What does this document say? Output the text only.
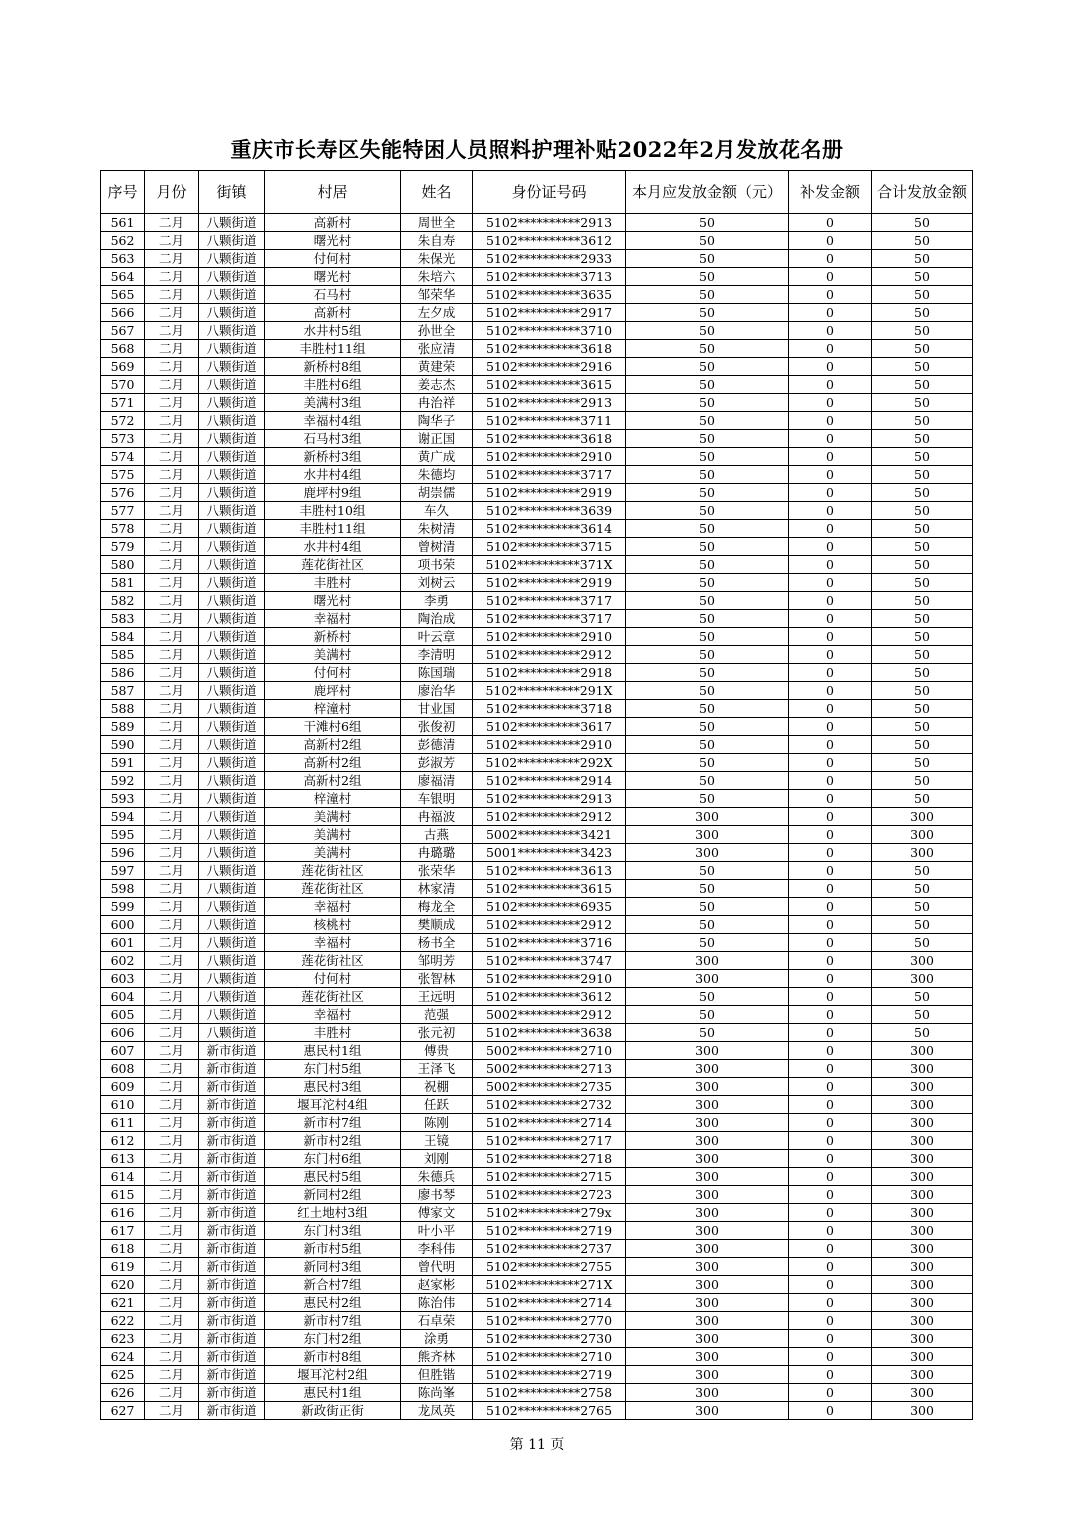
重庆市长寿区失能特困人员照料护理补贴2022年2月发放花名册
序号	月份	街镇	村居	姓名	身份证号码	本月应发放金额（元）	补发金额	合计发放金额
561	二月	八颗街道	高新村	周世全	5102**********2913	50	0	50
562	二月	八颗街道	曙光村	朱自寿	5102**********3612	50	0	50
563	二月	八颗街道	付何村	朱保光	5102**********2933	50	0	50
564	二月	八颗街道	曙光村	朱培六	5102**********3713	50	0	50
565	二月	八颗街道	石马村	邹荣华	5102**********3635	50	0	50
566	二月	八颗街道	高新村	左夕成	5102**********2917	50	0	50
567	二月	八颗街道	水井村5组	孙世全	5102**********3710	50	0	50
568	二月	八颗街道	丰胜村11组	张应清	5102**********3618	50	0	50
569	二月	八颗街道	新桥村8组	黄建荣	5102**********2916	50	0	50
570	二月	八颗街道	丰胜村6组	姜志杰	5102**********3615	50	0	50
571	二月	八颗街道	美满村3组	冉治祥	5102**********2913	50	0	50
572	二月	八颗街道	幸福村4组	陶华子	5102**********3711	50	0	50
573	二月	八颗街道	石马村3组	谢正国	5102**********3618	50	0	50
574	二月	八颗街道	新桥村3组	黄广成	5102**********2910	50	0	50
575	二月	八颗街道	水井村4组	朱德均	5102**********3717	50	0	50
576	二月	八颗街道	鹿坪村9组	胡崇儒	5102**********2919	50	0	50
577	二月	八颗街道	丰胜村10组	车久	5102**********3639	50	0	50
578	二月	八颗街道	丰胜村11组	朱树清	5102**********3614	50	0	50
579	二月	八颗街道	水井村4组	曾树清	5102**********3715	50	0	50
580	二月	八颗街道	莲花街社区	项书荣	5102**********371X	50	0	50
581	二月	八颗街道	丰胜村	刘树云	5102**********2919	50	0	50
582	二月	八颗街道	曙光村	李勇	5102**********3717	50	0	50
583	二月	八颗街道	幸福村	陶治成	5102**********3717	50	0	50
584	二月	八颗街道	新桥村	叶云章	5102**********2910	50	0	50
585	二月	八颗街道	美满村	李清明	5102**********2912	50	0	50
586	二月	八颗街道	付何村	陈国瑞	5102**********2918	50	0	50
587	二月	八颗街道	鹿坪村	廖治华	5102**********291X	50	0	50
588	二月	八颗街道	梓潼村	甘业国	5102**********3718	50	0	50
589	二月	八颗街道	干滩村6组	张俊初	5102**********3617	50	0	50
590	二月	八颗街道	高新村2组	彭德清	5102**********2910	50	0	50
591	二月	八颗街道	高新村2组	彭淑芳	5102**********292X	50	0	50
592	二月	八颗街道	高新村2组	廖福清	5102**********2914	50	0	50
593	二月	八颗街道	梓潼村	车银明	5102**********2913	50	0	50
594	二月	八颗街道	美满村	冉福波	5102**********2912	300	0	300
595	二月	八颗街道	美满村	古燕	5002**********3421	300	0	300
596	二月	八颗街道	美满村	冉璐璐	5001**********3423	300	0	300
597	二月	八颗街道	莲花街社区	张荣华	5102**********3613	50	0	50
598	二月	八颗街道	莲花街社区	林家清	5102**********3615	50	0	50
599	二月	八颗街道	幸福村	梅龙全	5102**********6935	50	0	50
600	二月	八颗街道	核桃村	樊顺成	5102**********2912	50	0	50
601	二月	八颗街道	幸福村	杨书全	5102**********3716	50	0	50
602	二月	八颗街道	莲花街社区	邹明芳	5102**********3747	300	0	300
603	二月	八颗街道	付何村	张智林	5102**********2910	300	0	300
604	二月	八颗街道	莲花街社区	王远明	5102**********3612	50	0	50
605	二月	八颗街道	幸福村	范强	5002**********2912	50	0	50
606	二月	八颗街道	丰胜村	张元初	5102**********3638	50	0	50
607	二月	新市街道	惠民村1组	傅贵	5002**********2710	300	0	300
608	二月	新市街道	东门村5组	王泽飞	5002**********2713	300	0	300
609	二月	新市街道	惠民村3组	祝棚	5002**********2735	300	0	300
610	二月	新市街道	堰耳沱村4组	任跃	5102**********2732	300	0	300
611	二月	新市街道	新市村7组	陈刚	5102**********2714	300	0	300
612	二月	新市街道	新市村2组	王镜	5102**********2717	300	0	300
613	二月	新市街道	东门村6组	刘刚	5102**********2718	300	0	300
614	二月	新市街道	惠民村5组	朱德兵	5102**********2715	300	0	300
615	二月	新市街道	新同村2组	廖书琴	5102**********2723	300	0	300
616	二月	新市街道	红土地村3组	傅家文	5102**********279x	300	0	300
617	二月	新市街道	东门村3组	叶小平	5102**********2719	300	0	300
618	二月	新市街道	新市村5组	李科伟	5102**********2737	300	0	300
619	二月	新市街道	新同村3组	曾代明	5102**********2755	300	0	300
620	二月	新市街道	新合村7组	赵家彬	5102**********271X	300	0	300
621	二月	新市街道	惠民村2组	陈治伟	5102**********2714	300	0	300
622	二月	新市街道	新市村7组	石卓荣	5102**********2770	300	0	300
623	二月	新市街道	东门村2组	涂勇	5102**********2730	300	0	300
624	二月	新市街道	新市村8组	熊齐林	5102**********2710	300	0	300
625	二月	新市街道	堰耳沱村2组	但胜锴	5102**********2719	300	0	300
626	二月	新市街道	惠民村1组	陈尚峯	5102**********2758	300	0	300
627	二月	新市街道	新政街正街	龙凤英	5102**********2765	300	0	300
第 11 页
